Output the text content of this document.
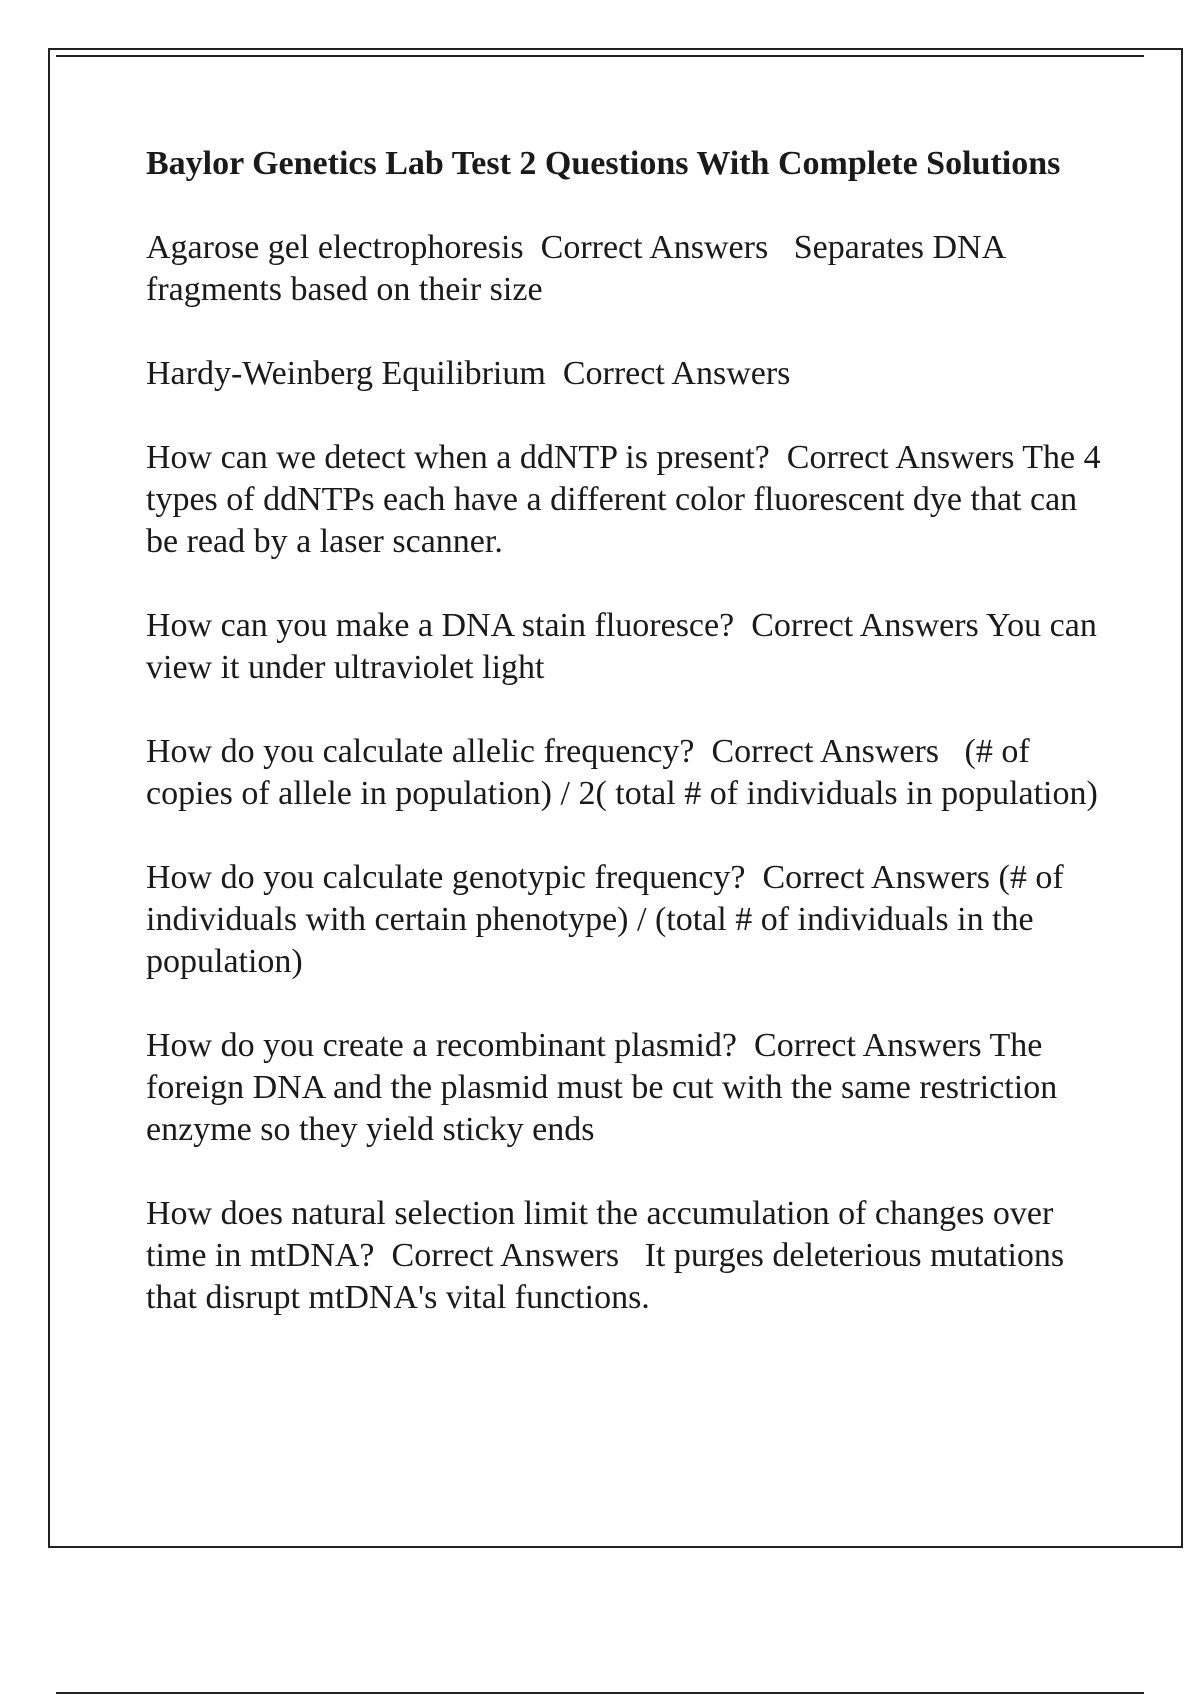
Baylor Genetics Lab Test 2 Questions With Complete Solutions
Agarose gel electrophoresis Correct Answers Separates DNA fragments based on their size
Hardy-Weinberg Equilibrium Correct Answers
How can we detect when a ddNTP is present? Correct Answers The 4 types of ddNTPs each have a different color fluorescent dye that can be read by a laser scanner.
How can you make a DNA stain fluoresce? Correct Answers You can view it under ultraviolet light
How do you calculate allelic frequency? Correct Answers (# of copies of allele in population) / 2( total # of individuals in population)
How do you calculate genotypic frequency? Correct Answers (# of individuals with certain phenotype) / (total # of individuals in the population)
How do you create a recombinant plasmid? Correct Answers The foreign DNA and the plasmid must be cut with the same restriction enzyme so they yield sticky ends
How does natural selection limit the accumulation of changes over time in mtDNA? Correct Answers It purges deleterious mutations that disrupt mtDNA's vital functions.
